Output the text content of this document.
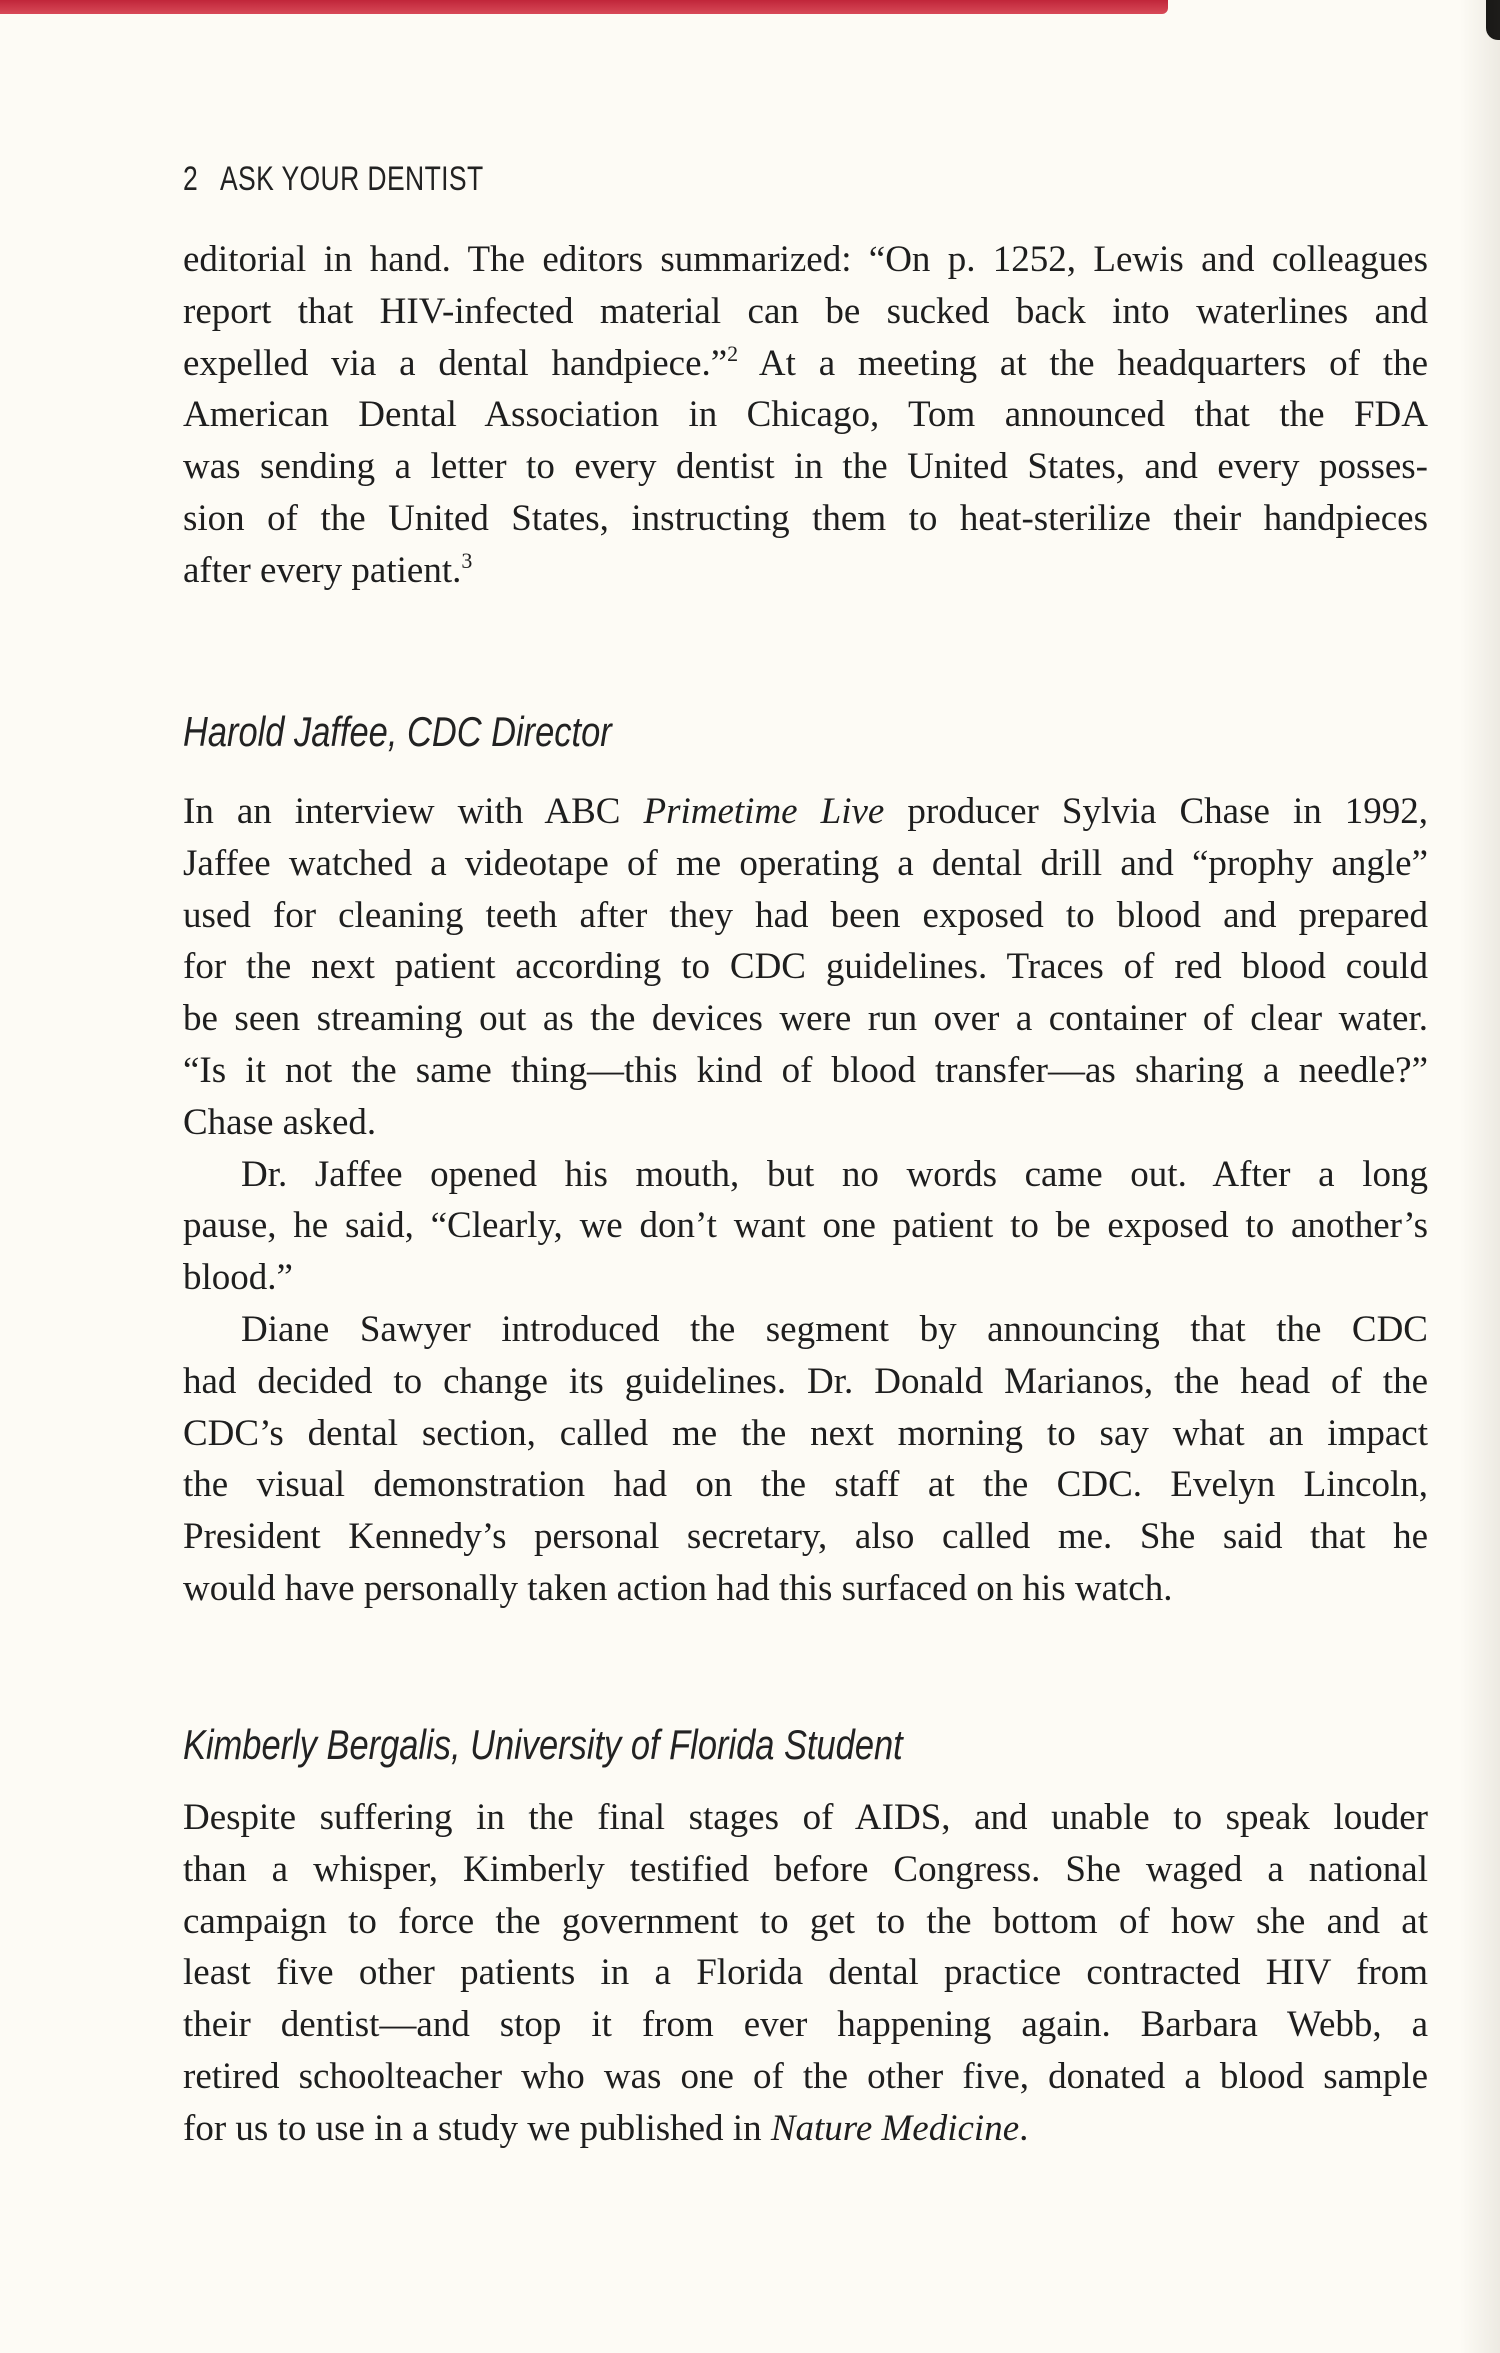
2   ASK YOUR DENTIST
editorial in hand. The editors summarized: “On p. 1252, Lewis and colleagues
report that HIV-infected material can be sucked back into waterlines and
expelled via a dental handpiece.”$^2$ At a meeting at the headquarters of the
American Dental Association in Chicago, Tom announced that the FDA
was sending a letter to every dentist in the United States, and every posses-
sion of the United States, instructing them to heat-sterilize their handpieces
after every patient.$^3$
Harold Jaffee, CDC Director
In an interview with ABC Primetime Live producer Sylvia Chase in 1992,
Jaffee watched a videotape of me operating a dental drill and “prophy angle”
used for cleaning teeth after they had been exposed to blood and prepared
for the next patient according to CDC guidelines. Traces of red blood could
be seen streaming out as the devices were run over a container of clear water.
“Is it not the same thing—this kind of blood transfer—as sharing a needle?”
Chase asked.
Dr. Jaffee opened his mouth, but no words came out. After a long
pause, he said, “Clearly, we don’t want one patient to be exposed to another’s
blood.”
Diane Sawyer introduced the segment by announcing that the CDC
had decided to change its guidelines. Dr. Donald Marianos, the head of the
CDC’s dental section, called me the next morning to say what an impact
the visual demonstration had on the staff at the CDC. Evelyn Lincoln,
President Kennedy’s personal secretary, also called me. She said that he
would have personally taken action had this surfaced on his watch.
Kimberly Bergalis, University of Florida Student
Despite suffering in the final stages of AIDS, and unable to speak louder
than a whisper, Kimberly testified before Congress. She waged a national
campaign to force the government to get to the bottom of how she and at
least five other patients in a Florida dental practice contracted HIV from
their dentist—and stop it from ever happening again. Barbara Webb, a
retired schoolteacher who was one of the other five, donated a blood sample
for us to use in a study we published in Nature Medicine.
